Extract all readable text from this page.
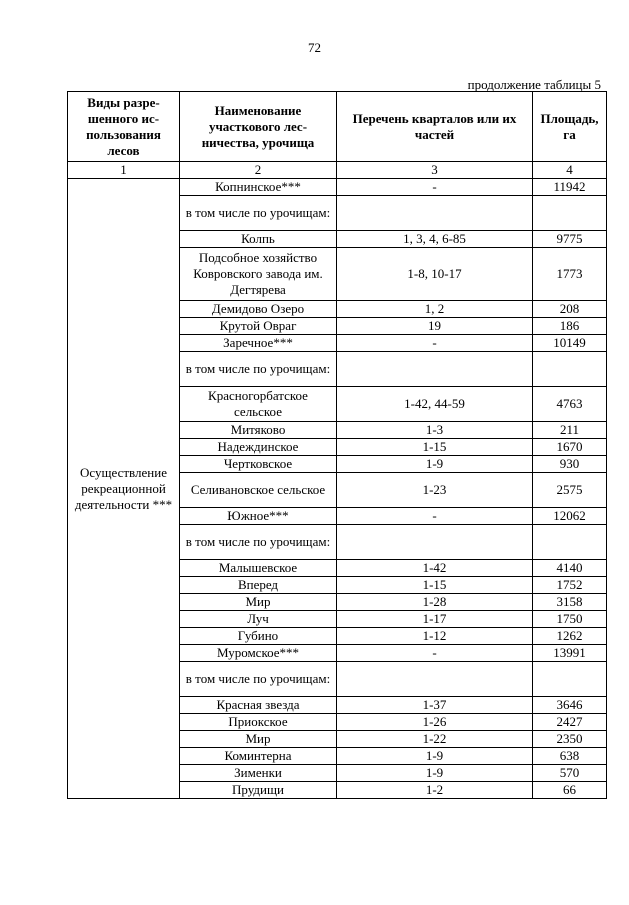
72
продолжение таблицы 5
Виды разре-шенного ис-пользования лесов	Наименование участкового лес-ничества, урочища	Перечень кварталов или их частей	Площадь, га
1	2	3	4
Осуществление рекреационной деятельности ***	Копнинское***	-	11942
	в том числе по урочищам:		
	Колпь	1, 3, 4, 6-85	9775
	Подсобное хозяйство Ковровского завода им. Дегтярева	1-8, 10-17	1773
	Демидово Озеро	1, 2	208
	Крутой Овраг	19	186
	Заречное***	-	10149
	в том числе по урочищам:		
	Красногорбатское сельское	1-42, 44-59	4763
	Митяково	1-3	211
	Надеждинское	1-15	1670
	Чертковское	1-9	930
	Селивановское сельское	1-23	2575
	Южное***	-	12062
	в том числе по урочищам:		
	Малышевское	1-42	4140
	Вперед	1-15	1752
	Мир	1-28	3158
	Луч	1-17	1750
	Губино	1-12	1262
	Муромское***	-	13991
	в том числе по урочищам:		
	Красная звезда	1-37	3646
	Приокское	1-26	2427
	Мир	1-22	2350
	Коминтерна	1-9	638
	Зименки	1-9	570
	Прудищи	1-2	66
